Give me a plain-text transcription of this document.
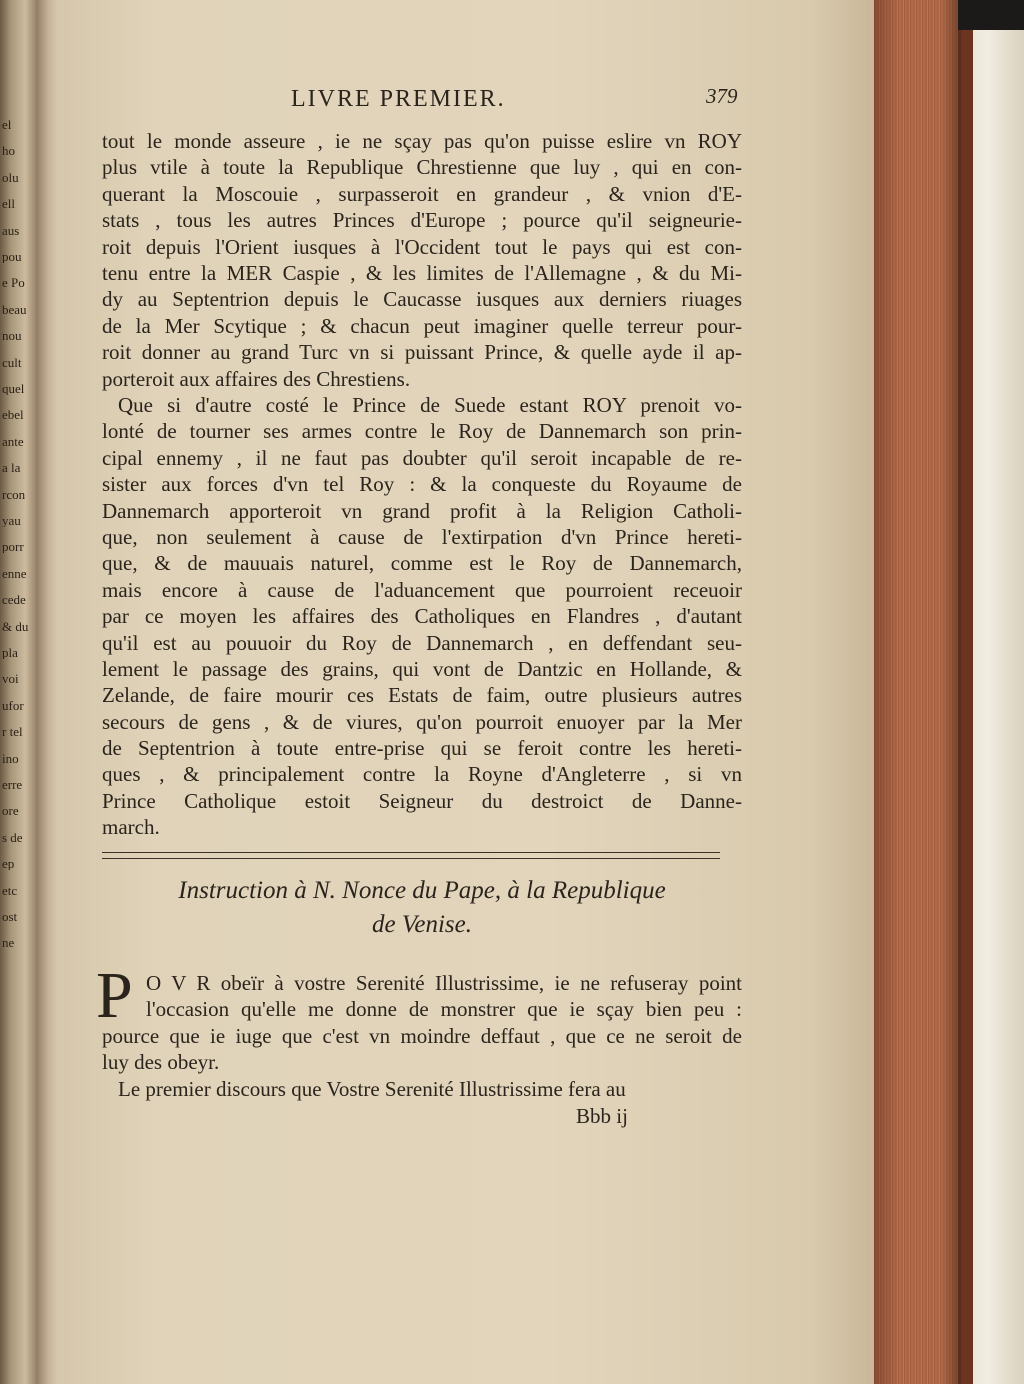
el
ho
olu
ell
aus
pou
e Po
beau
nou
cult
quel
ebel
ante
a la
rcon
yau
porr
enne
cede
& du
pla
voi
ufor
r tel
ino
erre
ore
s de
ep
etc
ost
ne
LIVRE PREMIER.	379
tout le monde asseure , ie ne sçay pas qu'on puisse eslire vn ROY
plus vtile à toute la Republique Chrestienne que luy , qui en con-
querant la Moscouie , surpasseroit en grandeur , & vnion d'E-
stats , tous les autres Princes d'Europe ; pource qu'il seigneurie-
roit depuis l'Orient iusques à l'Occident tout le pays qui est con-
tenu entre la MER Caspie , & les limites de l'Allemagne , & du Mi-
dy au Septentrion depuis le Caucasse iusques aux derniers riuages
de la Mer Scytique ; & chacun peut imaginer quelle terreur pour-
roit donner au grand Turc vn si puissant Prince, & quelle ayde il ap-
porteroit aux affaires des Chrestiens.
Que si d'autre costé le Prince de Suede estant ROY prenoit vo-
lonté de tourner ses armes contre le Roy de Dannemarch son prin-
cipal ennemy , il ne faut pas doubter qu'il seroit incapable de re-
sister aux forces d'vn tel Roy : & la conqueste du Royaume de
Dannemarch apporteroit vn grand profit à la Religion Catholi-
que, non seulement à cause de l'extirpation d'vn Prince hereti-
que, & de mauuais naturel, comme est le Roy de Dannemarch,
mais encore à cause de l'aduancement que pourroient receuoir
par ce moyen les affaires des Catholiques en Flandres , d'autant
qu'il est au pouuoir du Roy de Dannemarch , en deffendant seu-
lement le passage des grains, qui vont de Dantzic en Hollande, &
Zelande, de faire mourir ces Estats de faim, outre plusieurs autres
secours de gens , & de viures, qu'on pourroit enuoyer par la Mer
de Septentrion à toute entre-prise qui se feroit contre les hereti-
ques , & principalement contre la Royne d'Angleterre , si vn
Prince Catholique estoit Seigneur du destroict de Danne-
march.
Instruction à N. Nonce du Pape, à la Republique
de Venise.
P O V R obeïr à vostre Serenité Illustrissime, ie ne refuseray point
l'occasion qu'elle me donne de monstrer que ie sçay bien peu :
pource que ie iuge que c'est vn moindre deffaut , que ce ne seroit de
luy des obeyr.
Le premier discours que Vostre Serenité Illustrissime fera au
Bbb ij
